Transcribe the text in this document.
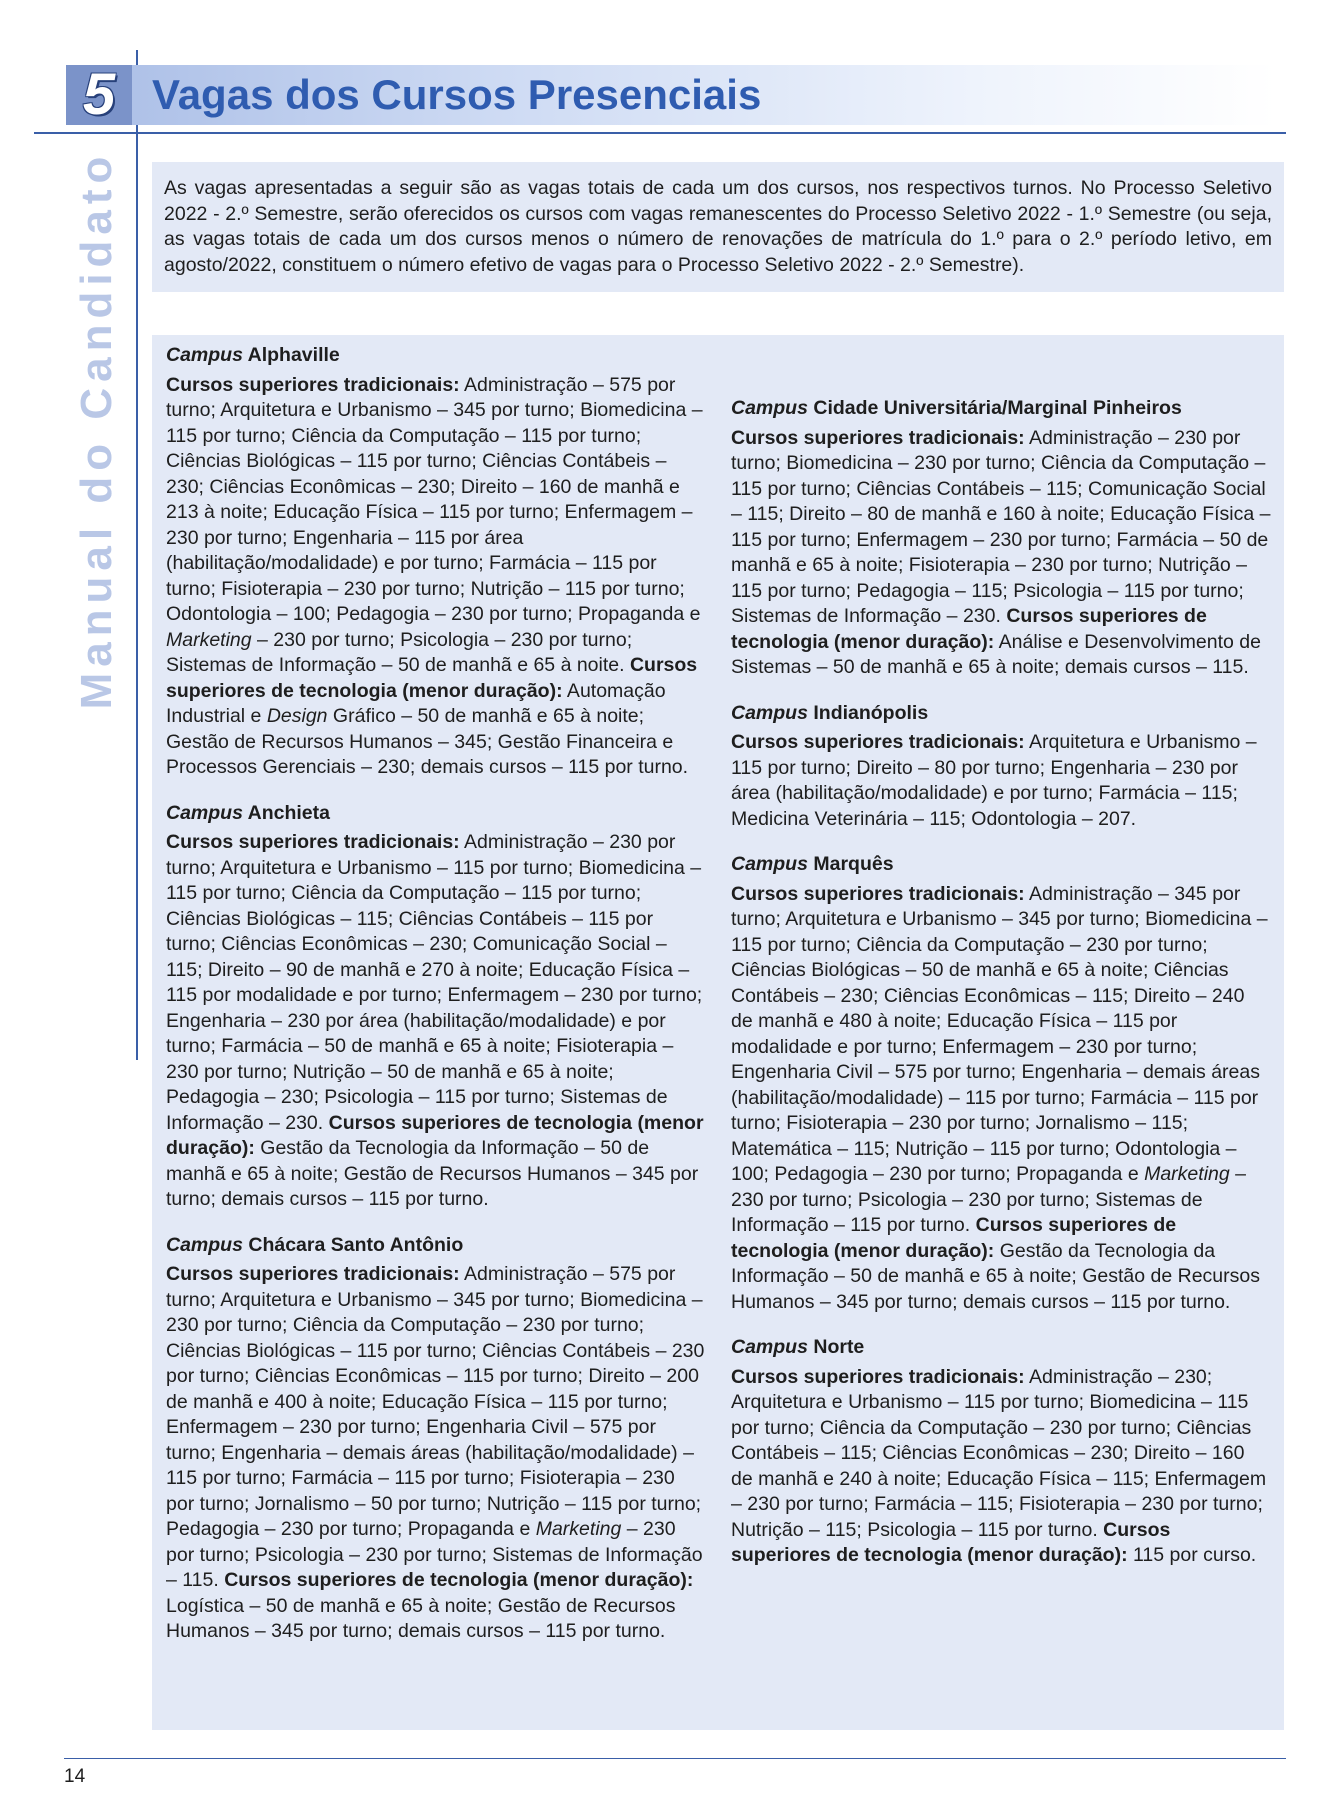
5 Vagas dos Cursos Presenciais
Manual do Candidato	As vagas apresentadas a seguir são as vagas totais de cada um dos cursos, nos respectivos turnos. No Processo Seletivo 2022 - 2.º Semestre, serão oferecidos os cursos com vagas remanescentes do Processo Seletivo 2022 - 1.º Semestre (ou seja, as vagas totais de cada um dos cursos menos o número de renovações de matrícula do 1.º para o 2.º período letivo, em agosto/2022, constituem o número efetivo de vagas para o Processo Seletivo 2022 - 2.º Semestre).

Campus Alphaville

Cursos superiores tradicionais: Administração – 575 por turno; Arquitetura e Urbanismo – 345 por turno; Biomedicina – 115 por turno; Ciência da Computação – 115 por turno; Ciências Biológicas – 115 por turno; Ciências Contábeis – 230; Ciências Econômicas – 230; Direito – 160 de manhã e 213 à noite; Educação Física – 115 por turno; Enfermagem – 230 por turno; Engenharia – 115 por área (habilitação/modalidade) e por turno; Farmácia – 115 por turno; Fisioterapia – 230 por turno; Nutrição – 115 por turno; Odontologia – 100; Pedagogia – 230 por turno; Propaganda e Marketing – 230 por turno; Psicologia – 230 por turno; Sistemas de Informação – 50 de manhã e 65 à noite. Cursos superiores de tecnologia (menor duração): Automação Industrial e Design Gráfico – 50 de manhã e 65 à noite; Gestão de Recursos Humanos – 345; Gestão Financeira e Processos Gerenciais – 230; demais cursos – 115 por turno.

Campus Anchieta

Cursos superiores tradicionais: Administração – 230 por turno; Arquitetura e Urbanismo – 115 por turno; Biomedicina – 115 por turno; Ciência da Computação – 115 por turno; Ciências Biológicas – 115; Ciências Contábeis – 115 por turno; Ciências Econômicas – 230; Comunicação Social – 115; Direito – 90 de manhã e 270 à noite; Educação Física – 115 por modalidade e por turno; Enfermagem – 230 por turno; Engenharia – 230 por área (habilitação/modalidade) e por turno; Farmácia – 50 de manhã e 65 à noite; Fisioterapia – 230 por turno; Nutrição – 50 de manhã e 65 à noite; Pedagogia – 230; Psicologia – 115 por turno; Sistemas de Informação – 230. Cursos superiores de tecnologia (menor duração): Gestão da Tecnologia da Informação – 50 de manhã e 65 à noite; Gestão de Recursos Humanos – 345 por turno; demais cursos – 115 por turno.

Campus Chácara Santo Antônio

Cursos superiores tradicionais: Administração – 575 por turno; Arquitetura e Urbanismo – 345 por turno; Biomedicina – 230 por turno; Ciência da Computação – 230 por turno; Ciências Biológicas – 115 por turno; Ciências Contábeis – 230 por turno; Ciências Econômicas – 115 por turno; Direito – 200 de manhã e 400 à noite; Educação Física – 115 por turno; Enfermagem – 230 por turno; Engenharia Civil – 575 por turno; Engenharia – demais áreas (habilitação/modalidade) – 115 por turno; Farmácia – 115 por turno; Fisioterapia – 230 por turno; Jornalismo – 50 por turno; Nutrição – 115 por turno; Pedagogia – 230 por turno; Propaganda e Marketing – 230 por turno; Psicologia – 230 por turno; Sistemas de Informação – 115. Cursos superiores de tecnologia (menor duração): Logística – 50 de manhã e 65 à noite; Gestão de Recursos Humanos – 345 por turno; demais cursos – 115 por turno.

Campus Cidade Universitária/Marginal Pinheiros

Cursos superiores tradicionais: Administração – 230 por turno; Biomedicina – 230 por turno; Ciência da Computação – 115 por turno; Ciências Contábeis – 115; Comunicação Social – 115; Direito – 80 de manhã e 160 à noite; Educação Física – 115 por turno; Enfermagem – 230 por turno; Farmácia – 50 de manhã e 65 à noite; Fisioterapia – 230 por turno; Nutrição – 115 por turno; Pedagogia – 115; Psicologia – 115 por turno; Sistemas de Informação – 230. Cursos superiores de tecnologia (menor duração): Análise e Desenvolvimento de Sistemas – 50 de manhã e 65 à noite; demais cursos – 115.

Campus Indianópolis

Cursos superiores tradicionais: Arquitetura e Urbanismo – 115 por turno; Direito – 80 por turno; Engenharia – 230 por área (habilitação/modalidade) e por turno; Farmácia – 115; Medicina Veterinária – 115; Odontologia – 207.

Campus Marquês

Cursos superiores tradicionais: Administração – 345 por turno; Arquitetura e Urbanismo – 345 por turno; Biomedicina – 115 por turno; Ciência da Computação – 230 por turno; Ciências Biológicas – 50 de manhã e 65 à noite; Ciências Contábeis – 230; Ciências Econômicas – 115; Direito – 240 de manhã e 480 à noite; Educação Física – 115 por modalidade e por turno; Enfermagem – 230 por turno; Engenharia Civil – 575 por turno; Engenharia – demais áreas (habilitação/modalidade) – 115 por turno; Farmácia – 115 por turno; Fisioterapia – 230 por turno; Jornalismo – 115; Matemática – 115; Nutrição – 115 por turno; Odontologia – 100; Pedagogia – 230 por turno; Propaganda e Marketing – 230 por turno; Psicologia – 230 por turno; Sistemas de Informação – 115 por turno. Cursos superiores de tecnologia (menor duração): Gestão da Tecnologia da Informação – 50 de manhã e 65 à noite; Gestão de Recursos Humanos – 345 por turno; demais cursos – 115 por turno.

Campus Norte

Cursos superiores tradicionais: Administração – 230; Arquitetura e Urbanismo – 115 por turno; Biomedicina – 115 por turno; Ciência da Computação – 230 por turno; Ciências Contábeis – 115; Ciências Econômicas – 230; Direito – 160 de manhã e 240 à noite; Educação Física – 115; Enfermagem – 230 por turno; Farmácia – 115; Fisioterapia – 230 por turno; Nutrição – 115; Psicologia – 115 por turno. Cursos superiores de tecnologia (menor duração): 115 por curso.

14
